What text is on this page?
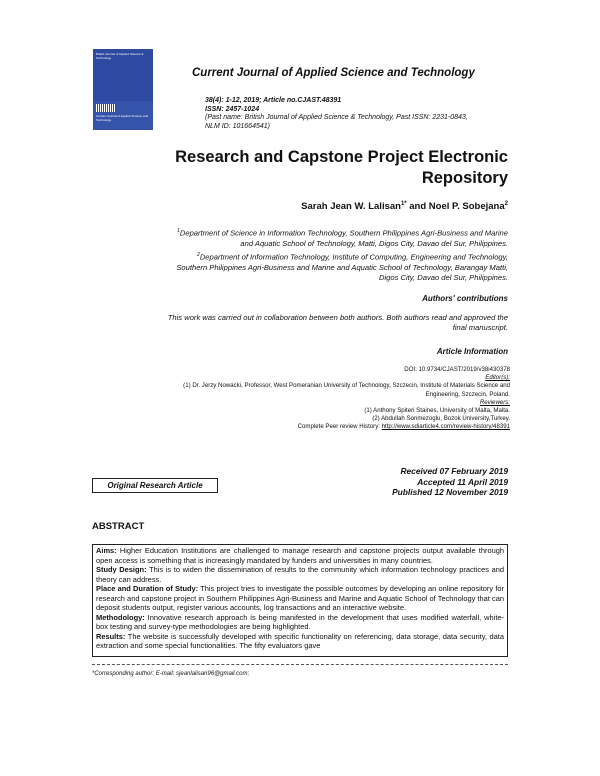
British Journal of Applied Science & Technology
Current Journal of Applied Science and Technology
Current Journal of Applied Science and Technology
38(4): 1-12, 2019; Article no.CJAST.48391
ISSN: 2457-1024
(Past name: British Journal of Applied Science & Technology, Past ISSN: 2231-0843,
NLM ID: 101664541)
Research and Capstone Project Electronic
Repository
Sarah Jean W. Lalisan$^{1*}$ and Noel P. Sobejana$^2$
$^1$Department of Science in Information Technology, Southern Philippines Agri-Business and Marine
and Aquatic School of Technology, Matti, Digos City, Davao del Sur, Philippines.
$^2$Department of Information Technology, Institute of Computing, Engineering and Technology,
Southern Philippines Agri-Business and Marine and Aquatic School of Technology, Barangay Matti,
Digos City, Davao del Sur, Philippines.
Authors' contributions
This work was carried out in collaboration between both authors. Both authors read and approved the
final manuscript.
Article Information
DOI: 10.9734/CJAST/2019/v38i430378
Editor(s):
(1) Dr. Jerzy Nowacki, Professor, West Pomeranian University of Technology, Szczecin, Institute of Materials Science and
Engineering, Szczecin, Poland.
Reviewers:
(1) Anthony Spiteri Staines, University of Malta, Malta.
(2) Abdullah Sonmezoglu, Bozok University,Turkey.
Complete Peer review History: http://www.sdiarticle4.com/review-history/48391
Received 07 February 2019
Accepted 11 April 2019
Published 12 November 2019
Original Research Article
ABSTRACT

Aims: Higher Education Institutions are challenged to manage research and capstone projects output available through open access is something that is increasingly mandated by funders and universities in many countries.

Study Design: This is to widen the dissemination of results to the community which information technology practices and theory can address.

Place and Duration of Study: This project tries to investigate the possible outcomes by developing an online repository for research and capstone project in Southern Philippines Agri-Business and Marine and Aquatic School of Technology that can deposit students output, register various accounts, log transactions and an interactive website.

Methodology: Innovative research approach is being manifested in the development that uses modified waterfall, white-box testing and survey-type methodologies are being highlighted.

Results: The website is successfully developed with specific functionality on referencing, data storage, data security, data extraction and some special functionalities. The fifty evaluators gave

*Corresponding author: E-mail: sjeanlalisan96@gmail.com;
